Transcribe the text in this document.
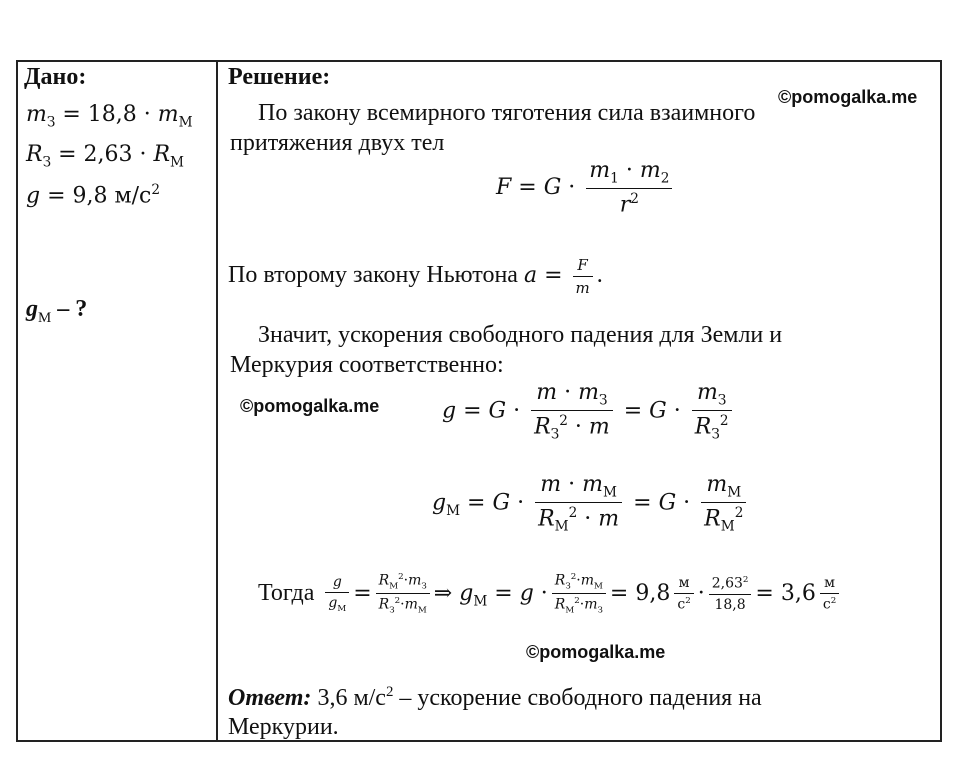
Дано:
$m_З = 18,8 \cdot m_М$
$R_З = 2,63 \cdot R_М$
g = 9,8 $м/с^2$
$g_М$ – ?
Решение:
©pomogalka.me
По закону всемирного тяготения сила взаимного
притяжения двух тел
$F = G \cdot \frac{m_1 \cdot m_2}{r^2}$
По второму закону Ньютона $a = \frac{F}{m}$ .
Значит, ускорения свободного падения для Земли и
Меркурия соответственно:
©pomogalka.me	$g = G \cdot \frac{m \cdot m_З}{R_З^2 \cdot m} = G \cdot \frac{m_З}{R_З^2}$
$g_М = G \cdot \frac{m \cdot m_М}{R_М^2 \cdot m} = G \cdot \frac{m_М}{R_М^2}$
Тогда $\frac{g}{g_М} = \frac{R_М^2\cdot m_З}{R_З^2\cdot m_М}$ ⇒ $g_М = g \cdot \frac{R_З^2\cdot m_М}{R_М^2\cdot m_З} = 9,8 \frac{м}{с^2} \cdot \frac{2,63^2}{18,8} = 3,6 \frac{м}{с^2}$
©pomogalka.me
Ответ: 3,6 $м/с^2$ – ускорение свободного падения на
Меркурии.
